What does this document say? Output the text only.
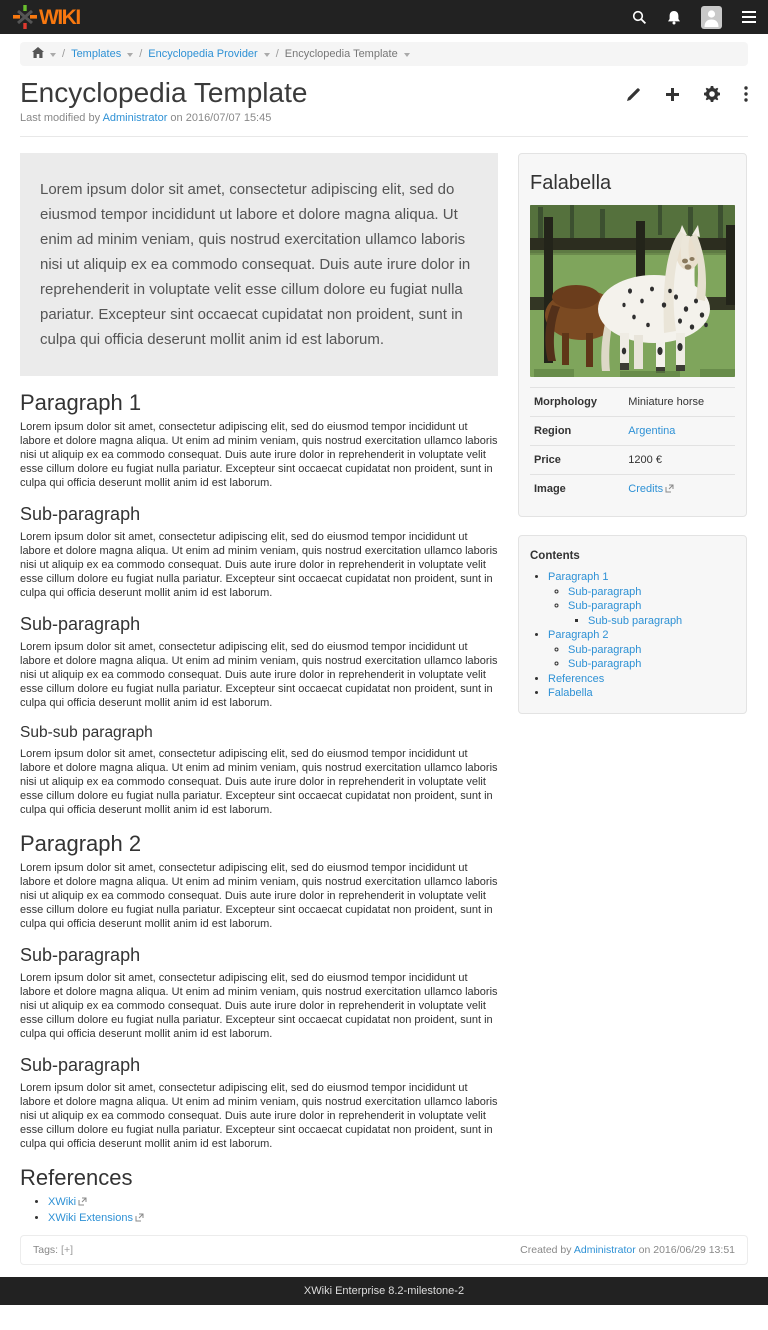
WIKI
/ Templates / Encyclopedia Provider / Encyclopedia Template
Encyclopedia Template

Last modified by Administrator on 2016/07/07 15:45

Lorem ipsum dolor sit amet, consectetur adipiscing elit, sed do eiusmod tempor incididunt ut labore et dolore magna aliqua. Ut enim ad minim veniam, quis nostrud exercitation ullamco laboris nisi ut aliquip ex ea commodo consequat. Duis aute irure dolor in reprehenderit in voluptate velit esse cillum dolore eu fugiat nulla pariatur. Excepteur sint occaecat cupidatat non proident, sunt in culpa qui officia deserunt mollit anim id est laborum.
Paragraph 1

Lorem ipsum dolor sit amet, consectetur adipiscing elit, sed do eiusmod tempor incididunt ut labore et dolore magna aliqua. Ut enim ad minim veniam, quis nostrud exercitation ullamco laboris nisi ut aliquip ex ea commodo consequat. Duis aute irure dolor in reprehenderit in voluptate velit esse cillum dolore eu fugiat nulla pariatur. Excepteur sint occaecat cupidatat non proident, sunt in culpa qui officia deserunt mollit anim id est laborum.

Sub-paragraph

Lorem ipsum dolor sit amet, consectetur adipiscing elit, sed do eiusmod tempor incididunt ut labore et dolore magna aliqua. Ut enim ad minim veniam, quis nostrud exercitation ullamco laboris nisi ut aliquip ex ea commodo consequat. Duis aute irure dolor in reprehenderit in voluptate velit esse cillum dolore eu fugiat nulla pariatur. Excepteur sint occaecat cupidatat non proident, sunt in culpa qui officia deserunt mollit anim id est laborum.

Sub-paragraph

Lorem ipsum dolor sit amet, consectetur adipiscing elit, sed do eiusmod tempor incididunt ut labore et dolore magna aliqua. Ut enim ad minim veniam, quis nostrud exercitation ullamco laboris nisi ut aliquip ex ea commodo consequat. Duis aute irure dolor in reprehenderit in voluptate velit esse cillum dolore eu fugiat nulla pariatur. Excepteur sint occaecat cupidatat non proident, sunt in culpa qui officia deserunt mollit anim id est laborum.

Sub-sub paragraph

Lorem ipsum dolor sit amet, consectetur adipiscing elit, sed do eiusmod tempor incididunt ut labore et dolore magna aliqua. Ut enim ad minim veniam, quis nostrud exercitation ullamco laboris nisi ut aliquip ex ea commodo consequat. Duis aute irure dolor in reprehenderit in voluptate velit esse cillum dolore eu fugiat nulla pariatur. Excepteur sint occaecat cupidatat non proident, sunt in culpa qui officia deserunt mollit anim id est laborum.

Paragraph 2

Lorem ipsum dolor sit amet, consectetur adipiscing elit, sed do eiusmod tempor incididunt ut labore et dolore magna aliqua. Ut enim ad minim veniam, quis nostrud exercitation ullamco laboris nisi ut aliquip ex ea commodo consequat. Duis aute irure dolor in reprehenderit in voluptate velit esse cillum dolore eu fugiat nulla pariatur. Excepteur sint occaecat cupidatat non proident, sunt in culpa qui officia deserunt mollit anim id est laborum.

Sub-paragraph

Lorem ipsum dolor sit amet, consectetur adipiscing elit, sed do eiusmod tempor incididunt ut labore et dolore magna aliqua. Ut enim ad minim veniam, quis nostrud exercitation ullamco laboris nisi ut aliquip ex ea commodo consequat. Duis aute irure dolor in reprehenderit in voluptate velit esse cillum dolore eu fugiat nulla pariatur. Excepteur sint occaecat cupidatat non proident, sunt in culpa qui officia deserunt mollit anim id est laborum.

Sub-paragraph

Lorem ipsum dolor sit amet, consectetur adipiscing elit, sed do eiusmod tempor incididunt ut labore et dolore magna aliqua. Ut enim ad minim veniam, quis nostrud exercitation ullamco laboris nisi ut aliquip ex ea commodo consequat. Duis aute irure dolor in reprehenderit in voluptate velit esse cillum dolore eu fugiat nulla pariatur. Excepteur sint occaecat cupidatat non proident, sunt in culpa qui officia deserunt mollit anim id est laborum.

References
• XWiki
• XWiki Extensions
Falabella
Morphology	Miniature horse
Region	Argentina
Price	1200 €
Image	Credits
Contents
• Paragraph 1
◦ Sub-paragraph
◦ Sub-paragraph
▪ Sub-sub paragraph
• Paragraph 2
◦ Sub-paragraph
◦ Sub-paragraph
• References
• Falabella
Tags: [+]	Created by Administrator on 2016/06/29 13:51
XWiki Enterprise 8.2-milestone-2
